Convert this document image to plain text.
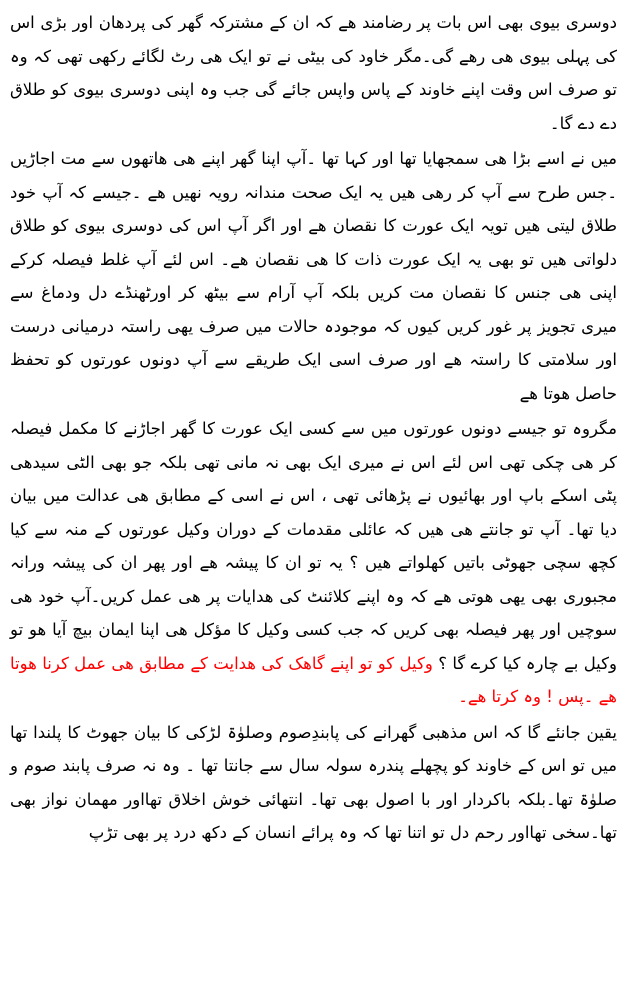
دوسری بیوی بھی اس بات پر رضامند ھے کہ ان کے مشترکہ گھر کی پردھان اور بڑی اس کی پہلی بیوی ھی رھے گی۔مگر خاود کی بیٹی نے تو ایک ھی رٹ لگائے رکھی تھی کہ وہ تو صرف اس وقت اپنے خاوند کے پاس واپس جائے گی جب وہ اپنی دوسری بیوی کو طلاق دے دے گا۔

میں نے اسے بڑا ھی سمجھایا تھا اور کہا تھا ۔آپ اپنا گھر اپنے ھی ھاتھوں سے مت اجاڑیں ۔جس طرح سے آپ کر رھی ھیں یہ ایک صحت مندانہ رویہ نھیں ھے ۔جیسے کہ آپ خود طلاق لیتی ھیں تویہ ایک عورت کا نقصان ھے اور اگر آپ اس کی دوسری بیوی کو طلاق دلواتی ھیں تو بھی یہ ایک عورت ذات کا ھی نقصان ھے۔ اس لئے آپ غلط فیصلہ کرکے اپنی ھی جنس کا نقصان مت کریں بلکہ آپ آرام سے بیٹھ کر اورٹھنڈے دل ودماغ سے میری تجویز پر غور کریں کیوں کہ موجودہ حالات میں صرف یھی راستہ درمیانی درست اور سلامتی کا راستہ ھے اور صرف اسی ایک طریقے سے آپ دونوں عورتوں کو تحفظ حاصل ھوتا ھے

مگروہ تو جیسے دونوں عورتوں میں سے کسی ایک عورت کا گھر اجاڑنے کا مکمل فیصلہ کر ھی چکی تھی اس لئے اس نے میری ایک بھی نہ مانی تھی بلکہ جو بھی الٹی سیدھی پٹی اسکے باپ اور بھائیوں نے پڑھائی تھی ، اس نے اسی کے مطابق ھی عدالت میں بیان دیا تھا۔ آپ تو جانتے ھی ھیں کہ عائلی مقدمات کے دوران وکیل عورتوں کے منہ سے کیا کچھ سچی جھوٹی باتیں کھلواتے ھیں ؟ یہ تو ان کا پیشہ ھے اور پھر ان کی پیشہ ورانہ مجبوری بھی یھی ھوتی ھے کہ وہ اپنے کلائنٹ کی ھدایات پر ھی عمل کریں۔آپ خود ھی سوچیں اور پھر فیصلہ بھی کریں کہ جب کسی وکیل کا مؤکل ھی اپنا ایمان بیچ آیا ھو تو وکیل بے چارہ کیا کرے گا ؟ وکیل کو تو اپنے گاھک کی ھدایت کے مطابق ھی عمل کرنا ھوتا ھے ۔پس ! وہ کرتا ھے۔

یقین جانئے گا کہ اس مذھبی گھرانے کی پابندِصوم وصلوٰۃ لڑکی کا بیان جھوٹ کا پلندا تھا میں تو اس کے خاوند کو پچھلے پندرہ سولہ سال سے جانتا تھا ۔ وہ نہ صرف پابند صوم و صلوٰۃ تھا۔بلکہ باکردار اور با اصول بھی تھا۔ انتھائی خوش اخلاق تھااور مھمان نواز بھی تھا۔سخی تھااور رحم دل تو اتنا تھا کہ وہ پرائے انسان کے دکھ درد پر بھی تڑپ
